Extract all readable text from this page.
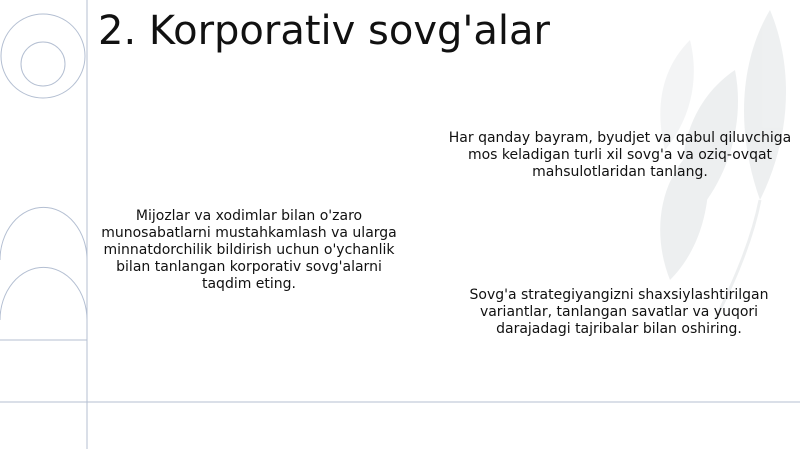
2. Korporativ sovg'alar

Mijozlar va xodimlar bilan o'zaro munosabatlarni mustahkamlash va ularga minnatdorchilik bildirish uchun o'ychanlik bilan tanlangan korporativ sovg'alarni taqdim eting.

Har qanday bayram, byudjet va qabul qiluvchiga mos keladigan turli xil sovg'a va oziq-ovqat mahsulotlaridan tanlang.

Sovg'a strategiyangizni shaxsiylashtirilgan variantlar, tanlangan savatlar va yuqori darajadagi tajribalar bilan oshiring.
